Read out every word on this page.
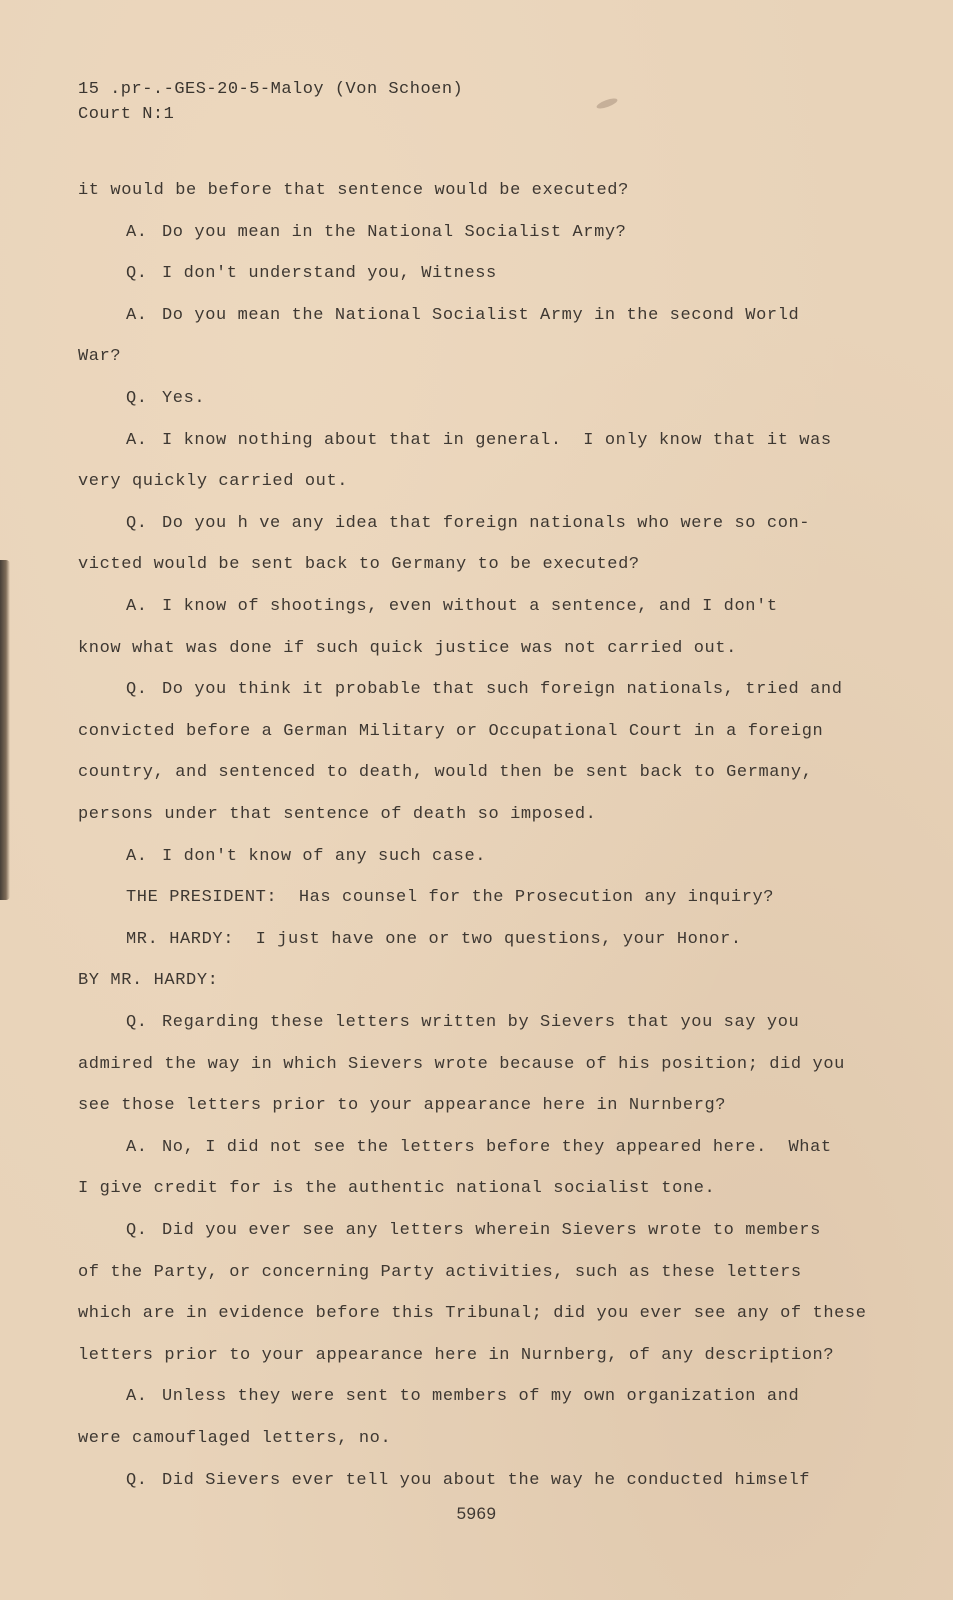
15 .pr-.-GES-20-5-Maloy (Von Schoen)
Court N:1
it would be before that sentence would be executed?
A. Do you mean in the National Socialist Army?
Q. I don't understand you, Witness
A. Do you mean the National Socialist Army in the second World
War?
Q. Yes.
A. I know nothing about that in general.  I only know that it was
very quickly carried out.
Q. Do you h ve any idea that foreign nationals who were so con-
victed would be sent back to Germany to be executed?
A. I know of shootings, even without a sentence, and I don't
know what was done if such quick justice was not carried out.
Q. Do you think it probable that such foreign nationals, tried and
convicted before a German Military or Occupational Court in a foreign
country, and sentenced to death, would then be sent back to Germany,
persons under that sentence of death so imposed.
A. I don't know of any such case.
THE PRESIDENT:  Has counsel for the Prosecution any inquiry?
MR. HARDY:  I just have one or two questions, your Honor.
BY MR. HARDY:
Q. Regarding these letters written by Sievers that you say you
admired the way in which Sievers wrote because of his position; did you
see those letters prior to your appearance here in Nurnberg?
A. No, I did not see the letters before they appeared here.  What
I give credit for is the authentic national socialist tone.
Q. Did you ever see any letters wherein Sievers wrote to members
of the Party, or concerning Party activities, such as these letters
which are in evidence before this Tribunal; did you ever see any of these
letters prior to your appearance here in Nurnberg, of any description?
A. Unless they were sent to members of my own organization and
were camouflaged letters, no.
Q. Did Sievers ever tell you about the way he conducted himself
5969
